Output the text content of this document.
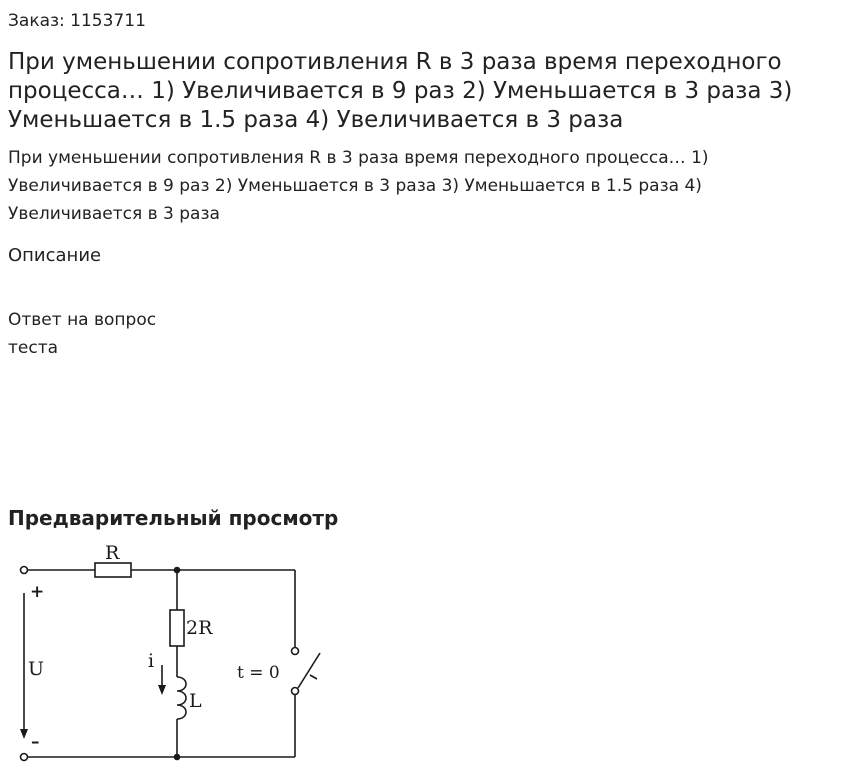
Заказ: 1153711
При уменьшении сопротивления R в 3 раза время переходного процесса… 1) Увеличивается в 9 раз 2) Уменьшается в 3 раза 3) Уменьшается в 1.5 раза 4) Увеличивается в 3 раза
При уменьшении сопротивления R в 3 раза время переходного процесса… 1) Увеличивается в 9 раз 2) Уменьшается в 3 раза 3) Уменьшается в 1.5 раза 4) Увеличивается в 3 раза
Описание
Ответ на вопрос теста
Предварительный просмотр
R
2R
L
i
U
+
–
t = 0
